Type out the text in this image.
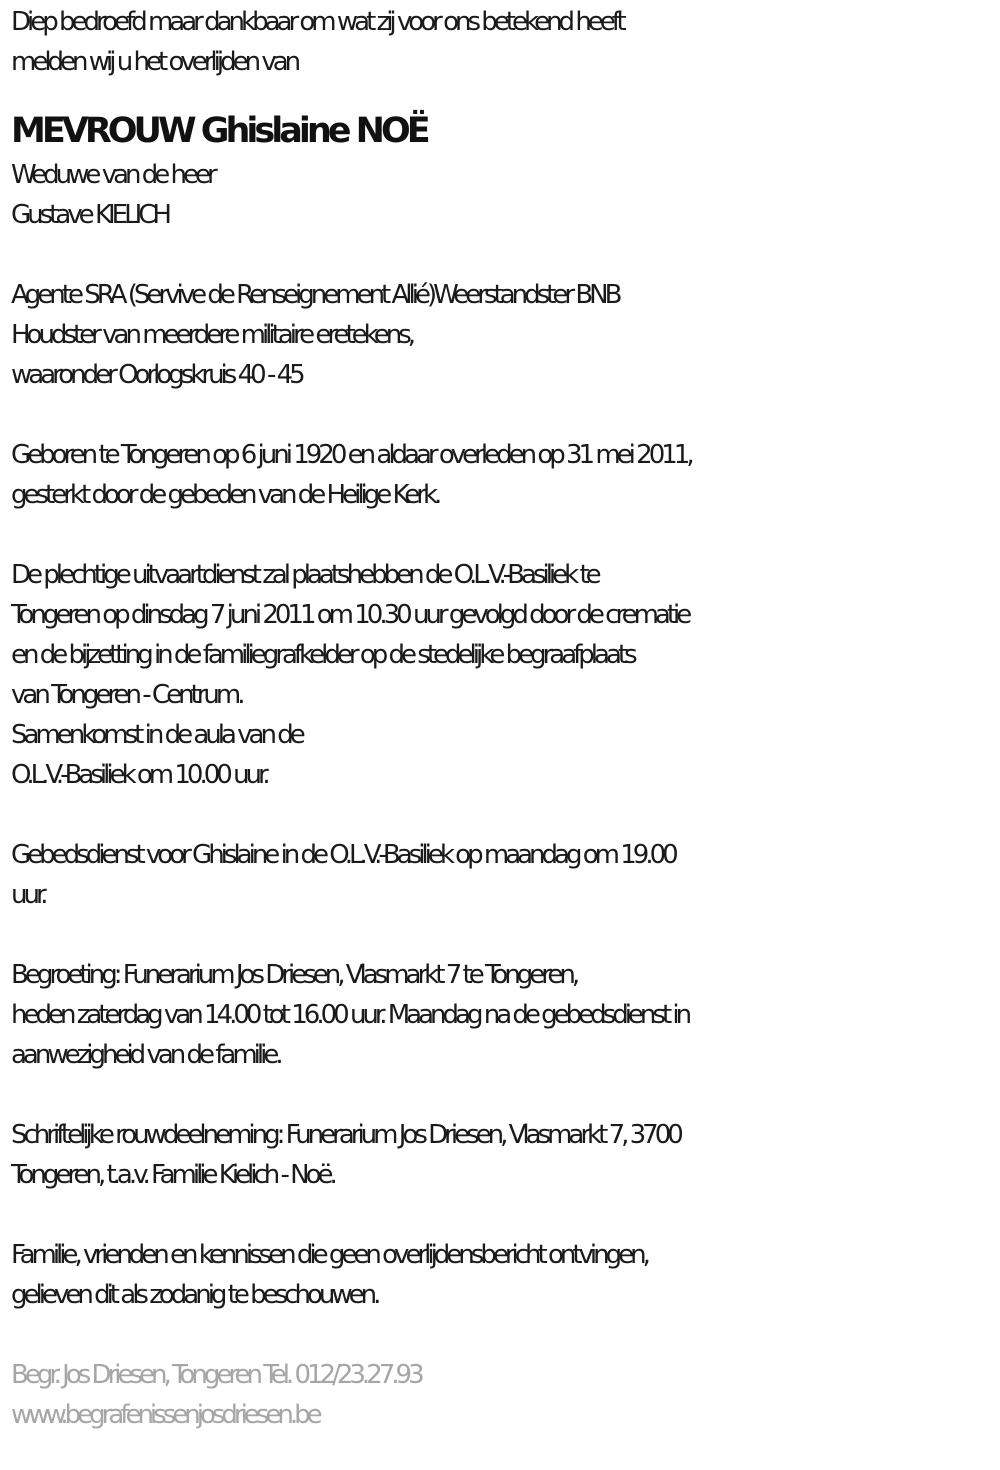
Diep bedroefd maar dankbaar om wat zij voor ons betekend heeft
melden wij u het overlijden van
MEVROUW Ghislaine NOË
Weduwe van de heer
Gustave KIELICH
Agente SRA (Servive de Renseignement Allié)Weerstandster BNB
Houdster van meerdere militaire eretekens,
waaronder Oorlogskruis 40 - 45
Geboren te Tongeren op 6 juni 1920 en aldaar overleden op 31 mei 2011,
gesterkt door de gebeden van de Heilige Kerk.
De plechtige uitvaartdienst zal plaatshebben de O.L.V.-Basiliek te
Tongeren op dinsdag 7 juni 2011 om 10.30 uur gevolgd door de crematie
en de bijzetting in de familiegrafkelder op de stedelijke begraafplaats
van Tongeren - Centrum.
Samenkomst in de aula van de
O.L.V.-Basiliek om 10.00 uur.
Gebedsdienst voor Ghislaine in de O.L.V.-Basiliek op maandag om 19.00
uur.
Begroeting: Funerarium Jos Driesen, Vlasmarkt 7 te Tongeren,
heden zaterdag van 14.00 tot 16.00 uur. Maandag na de gebedsdienst in
aanwezigheid van de familie.
Schriftelijke rouwdeelneming: Funerarium Jos Driesen, Vlasmarkt 7, 3700
Tongeren, t.a.v. Familie Kielich - Noë.
Familie, vrienden en kennissen die geen overlijdensbericht ontvingen,
gelieven dit als zodanig te beschouwen.
Begr. Jos Driesen, Tongeren Tel. 012/23.27.93
www.begrafenissenjosdriesen.be
